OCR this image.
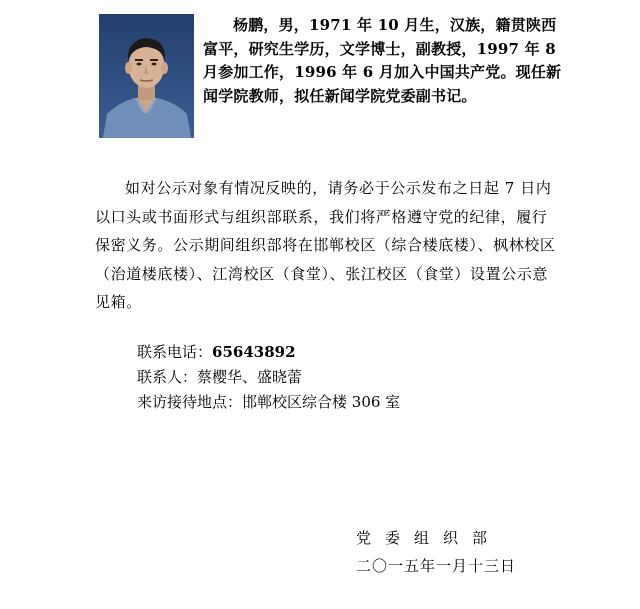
杨鹏，男，1971 年 10 月生，汉族，籍贯陕西富平，研究生学历，文学博士，副教授，1997 年 8 月参加工作，1996 年 6 月加入中国共产党。现任新闻学院教师，拟任新闻学院党委副书记。

如对公示对象有情况反映的，请务必于公示发布之日起 7 日内以口头或书面形式与组织部联系，我们将严格遵守党的纪律，履行保密义务。公示期间组织部将在邯郸校区（综合楼底楼）、枫林校区（治道楼底楼）、江湾校区（食堂）、张江校区（食堂）设置公示意见箱。

联系电话：65643892
联系人：蔡樱华、盛晓蕾
来访接待地点：邯郸校区综合楼 306 室
党委组织部
二〇一五年一月十三日
